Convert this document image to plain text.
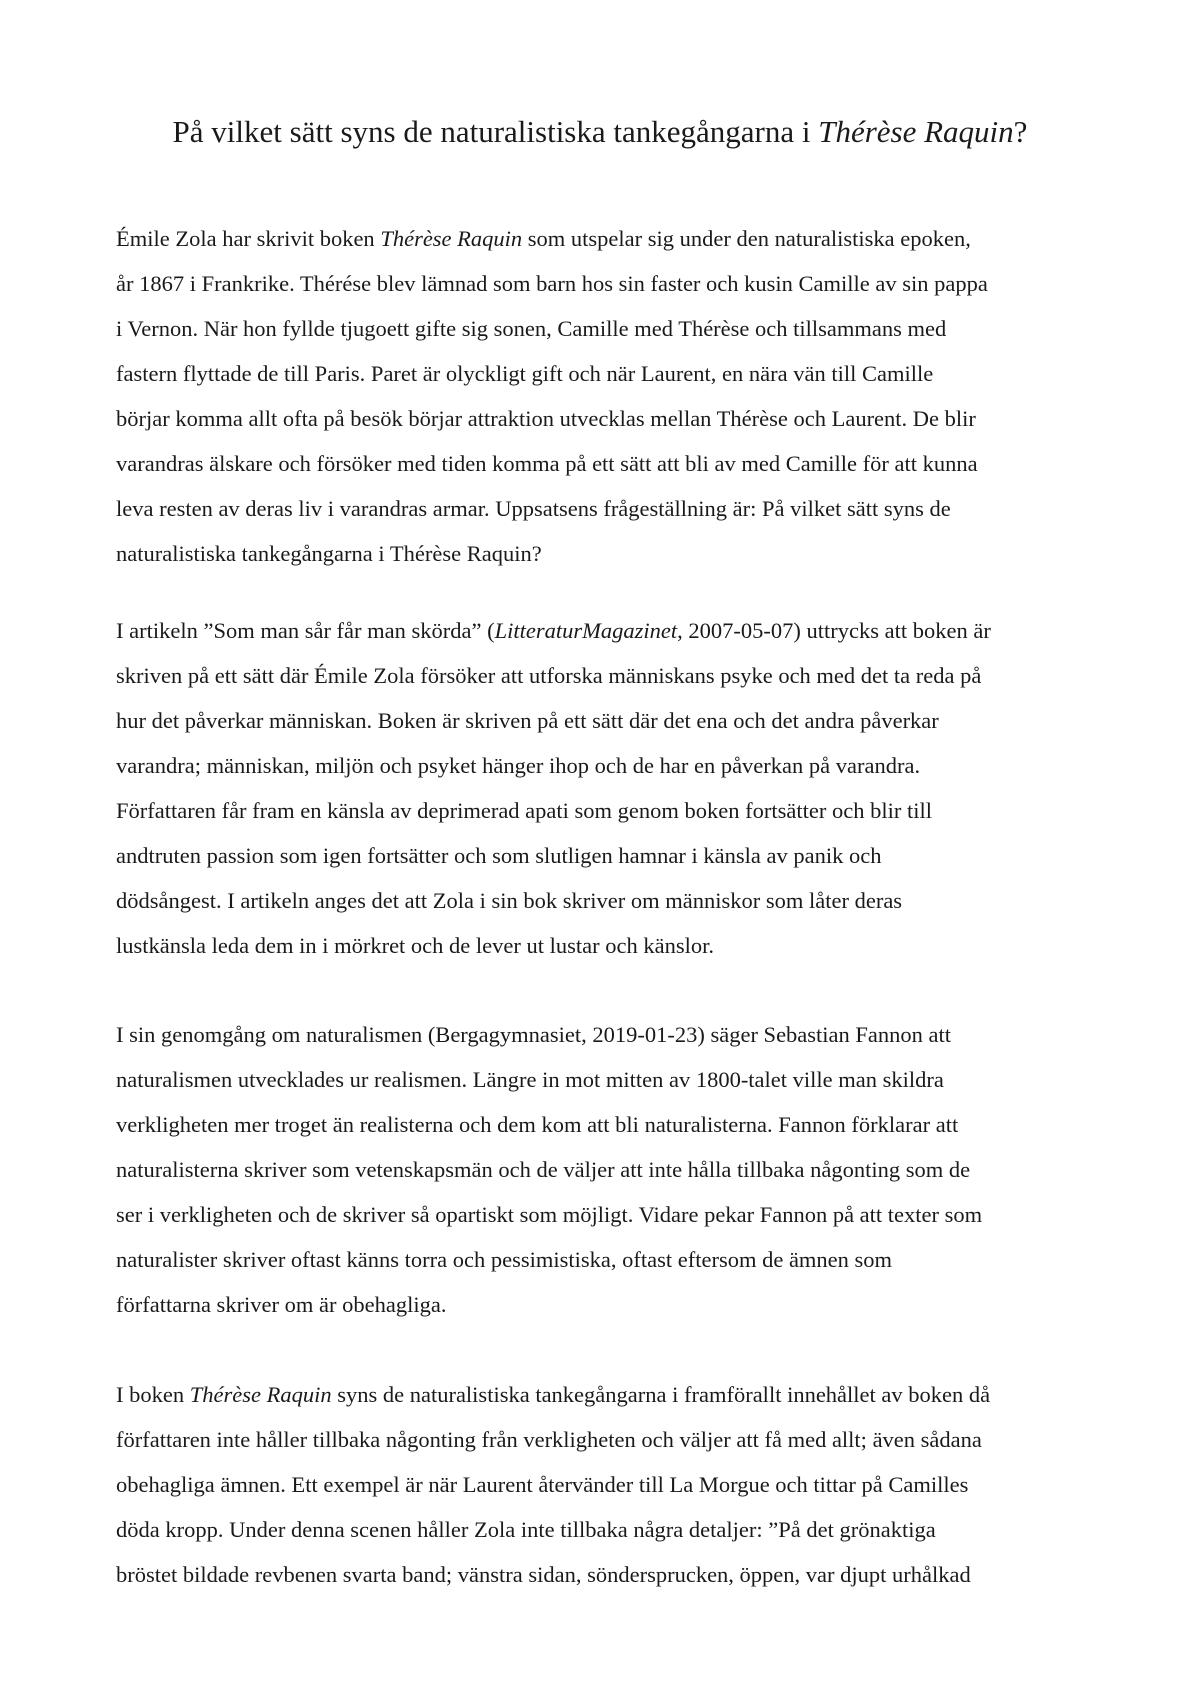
På vilket sätt syns de naturalistiska tankegångarna i Thérèse Raquin?

Émile Zola har skrivit boken Thérèse Raquin som utspelar sig under den naturalistiska epoken,
år 1867 i Frankrike. Thérése blev lämnad som barn hos sin faster och kusin Camille av sin pappa
i Vernon. När hon fyllde tjugoett gifte sig sonen, Camille med Thérèse och tillsammans med
fastern flyttade de till Paris. Paret är olyckligt gift och när Laurent, en nära vän till Camille
börjar komma allt ofta på besök börjar attraktion utvecklas mellan Thérèse och Laurent. De blir
varandras älskare och försöker med tiden komma på ett sätt att bli av med Camille för att kunna
leva resten av deras liv i varandras armar. Uppsatsens frågeställning är: På vilket sätt syns de
naturalistiska tankegångarna i Thérèse Raquin?

I artikeln ”Som man sår får man skörda” (LitteraturMagazinet, 2007-05-07) uttrycks att boken är
skriven på ett sätt där Émile Zola försöker att utforska människans psyke och med det ta reda på
hur det påverkar människan. Boken är skriven på ett sätt där det ena och det andra påverkar
varandra; människan, miljön och psyket hänger ihop och de har en påverkan på varandra.
Författaren får fram en känsla av deprimerad apati som genom boken fortsätter och blir till
andtruten passion som igen fortsätter och som slutligen hamnar i känsla av panik och
dödsångest. I artikeln anges det att Zola i sin bok skriver om människor som låter deras
lustkänsla leda dem in i mörkret och de lever ut lustar och känslor.

I sin genomgång om naturalismen (Bergagymnasiet, 2019-01-23) säger Sebastian Fannon att
naturalismen utvecklades ur realismen. Längre in mot mitten av 1800-talet ville man skildra
verkligheten mer troget än realisterna och dem kom att bli naturalisterna. Fannon förklarar att
naturalisterna skriver som vetenskapsmän och de väljer att inte hålla tillbaka någonting som de
ser i verkligheten och de skriver så opartiskt som möjligt. Vidare pekar Fannon på att texter som
naturalister skriver oftast känns torra och pessimistiska, oftast eftersom de ämnen som
författarna skriver om är obehagliga.

I boken Thérèse Raquin syns de naturalistiska tankegångarna i framförallt innehållet av boken då
författaren inte håller tillbaka någonting från verkligheten och väljer att få med allt; även sådana
obehagliga ämnen. Ett exempel är när Laurent återvänder till La Morgue och tittar på Camilles
döda kropp. Under denna scenen håller Zola inte tillbaka några detaljer: ”På det grönaktiga
bröstet bildade revbenen svarta band; vänstra sidan, söndersprucken, öppen, var djupt urhålkad
